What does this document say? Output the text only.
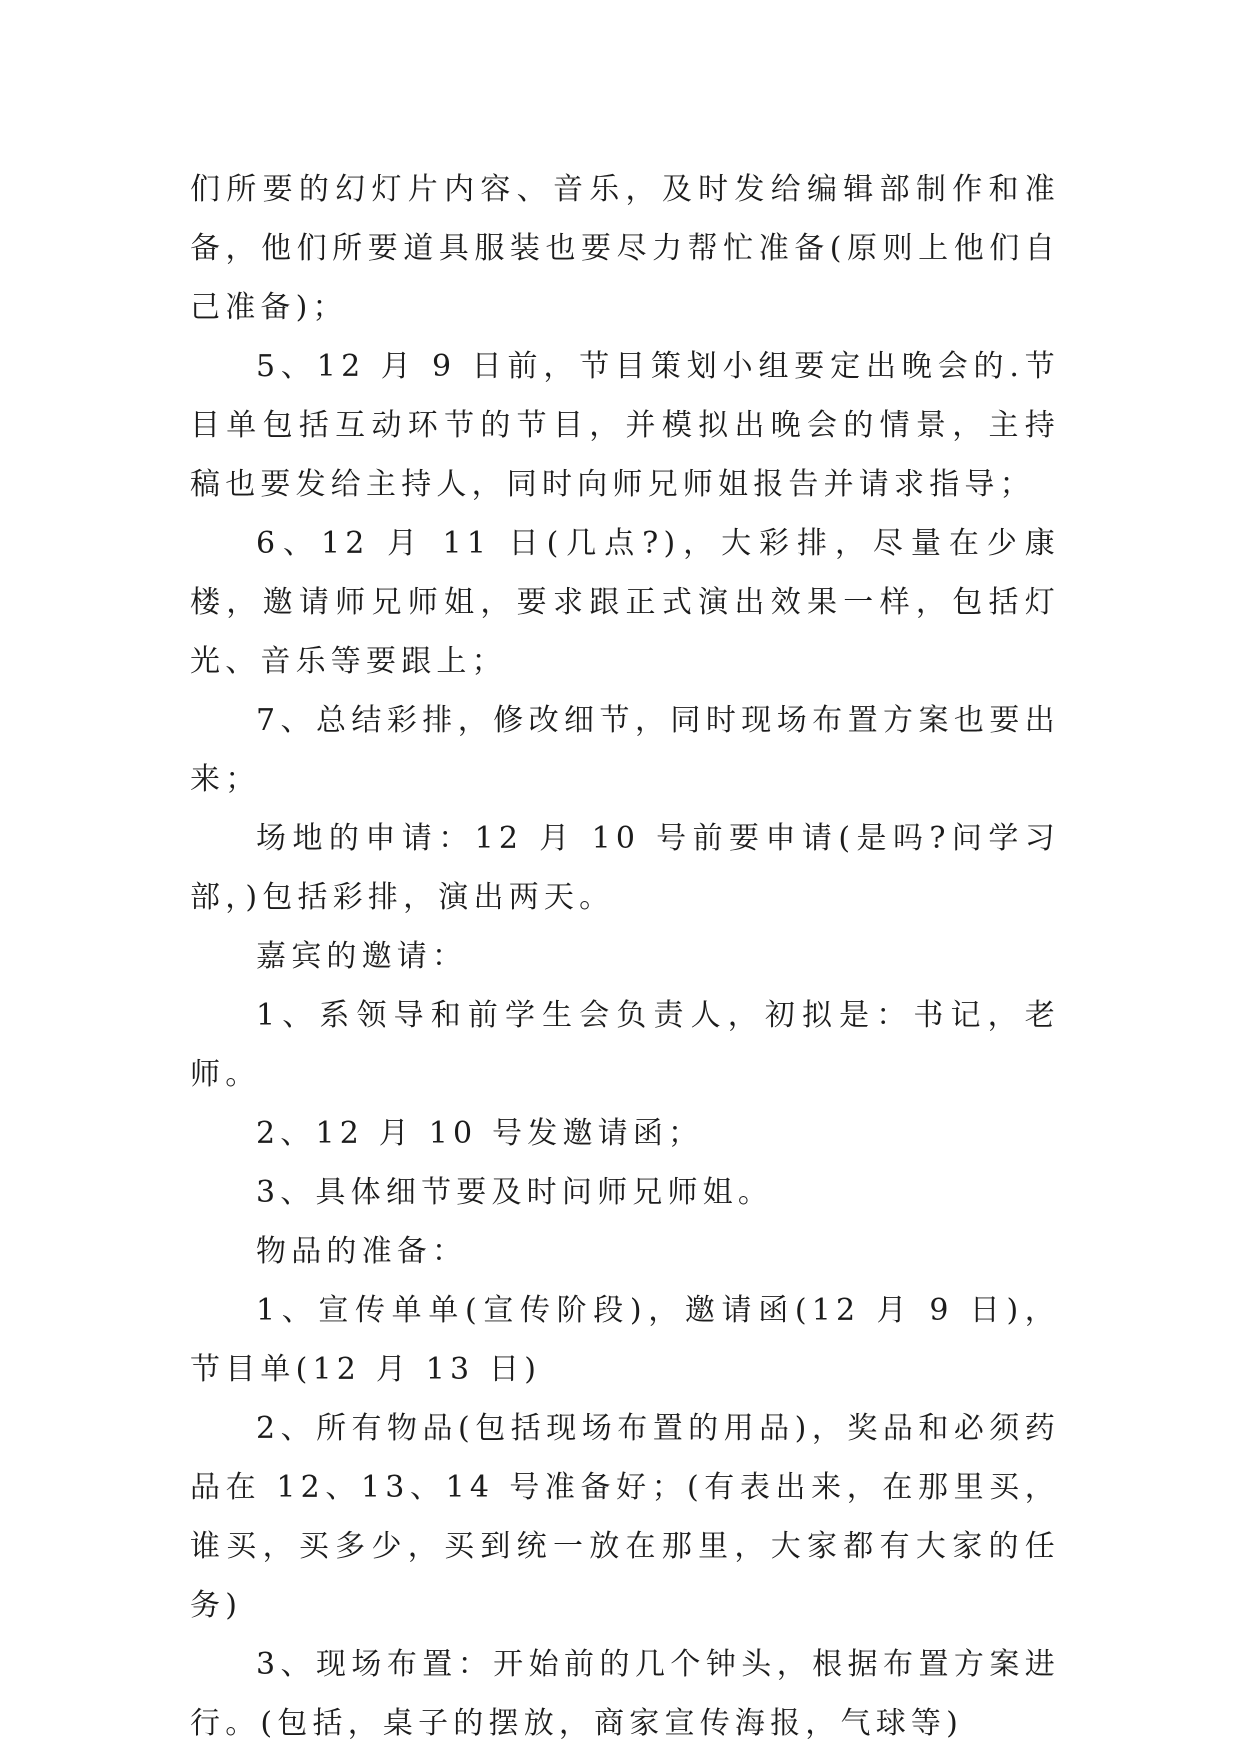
们所要的幻灯片内容、音乐，及时发给编辑部制作和准备，他们所要道具服装也要尽力帮忙准备(原则上他们自己准备)；

5、12 月 9 日前，节目策划小组要定出晚会的.节目单包括互动环节的节目，并模拟出晚会的情景，主持稿也要发给主持人，同时向师兄师姐报告并请求指导；

6、12 月 11 日(几点?)，大彩排，尽量在少康楼，邀请师兄师姐，要求跟正式演出效果一样，包括灯光、音乐等要跟上；

7、总结彩排，修改细节，同时现场布置方案也要出来；

场地的申请：12 月 10 号前要申请(是吗?问学习部，)包括彩排，演出两天。

嘉宾的邀请：

1、系领导和前学生会负责人，初拟是：书记，老师。

2、12 月 10 号发邀请函；

3、具体细节要及时问师兄师姐。

物品的准备：

1、宣传单单(宣传阶段)，邀请函(12 月 9 日)，节目单(12 月 13 日)

2、所有物品(包括现场布置的用品)，奖品和必须药品在 12、13、14 号准备好；(有表出来，在那里买，谁买，买多少，买到统一放在那里，大家都有大家的任务)

3、现场布置：开始前的几个钟头，根据布置方案进行。(包括，桌子的摆放，商家宣传海报，气球等)
